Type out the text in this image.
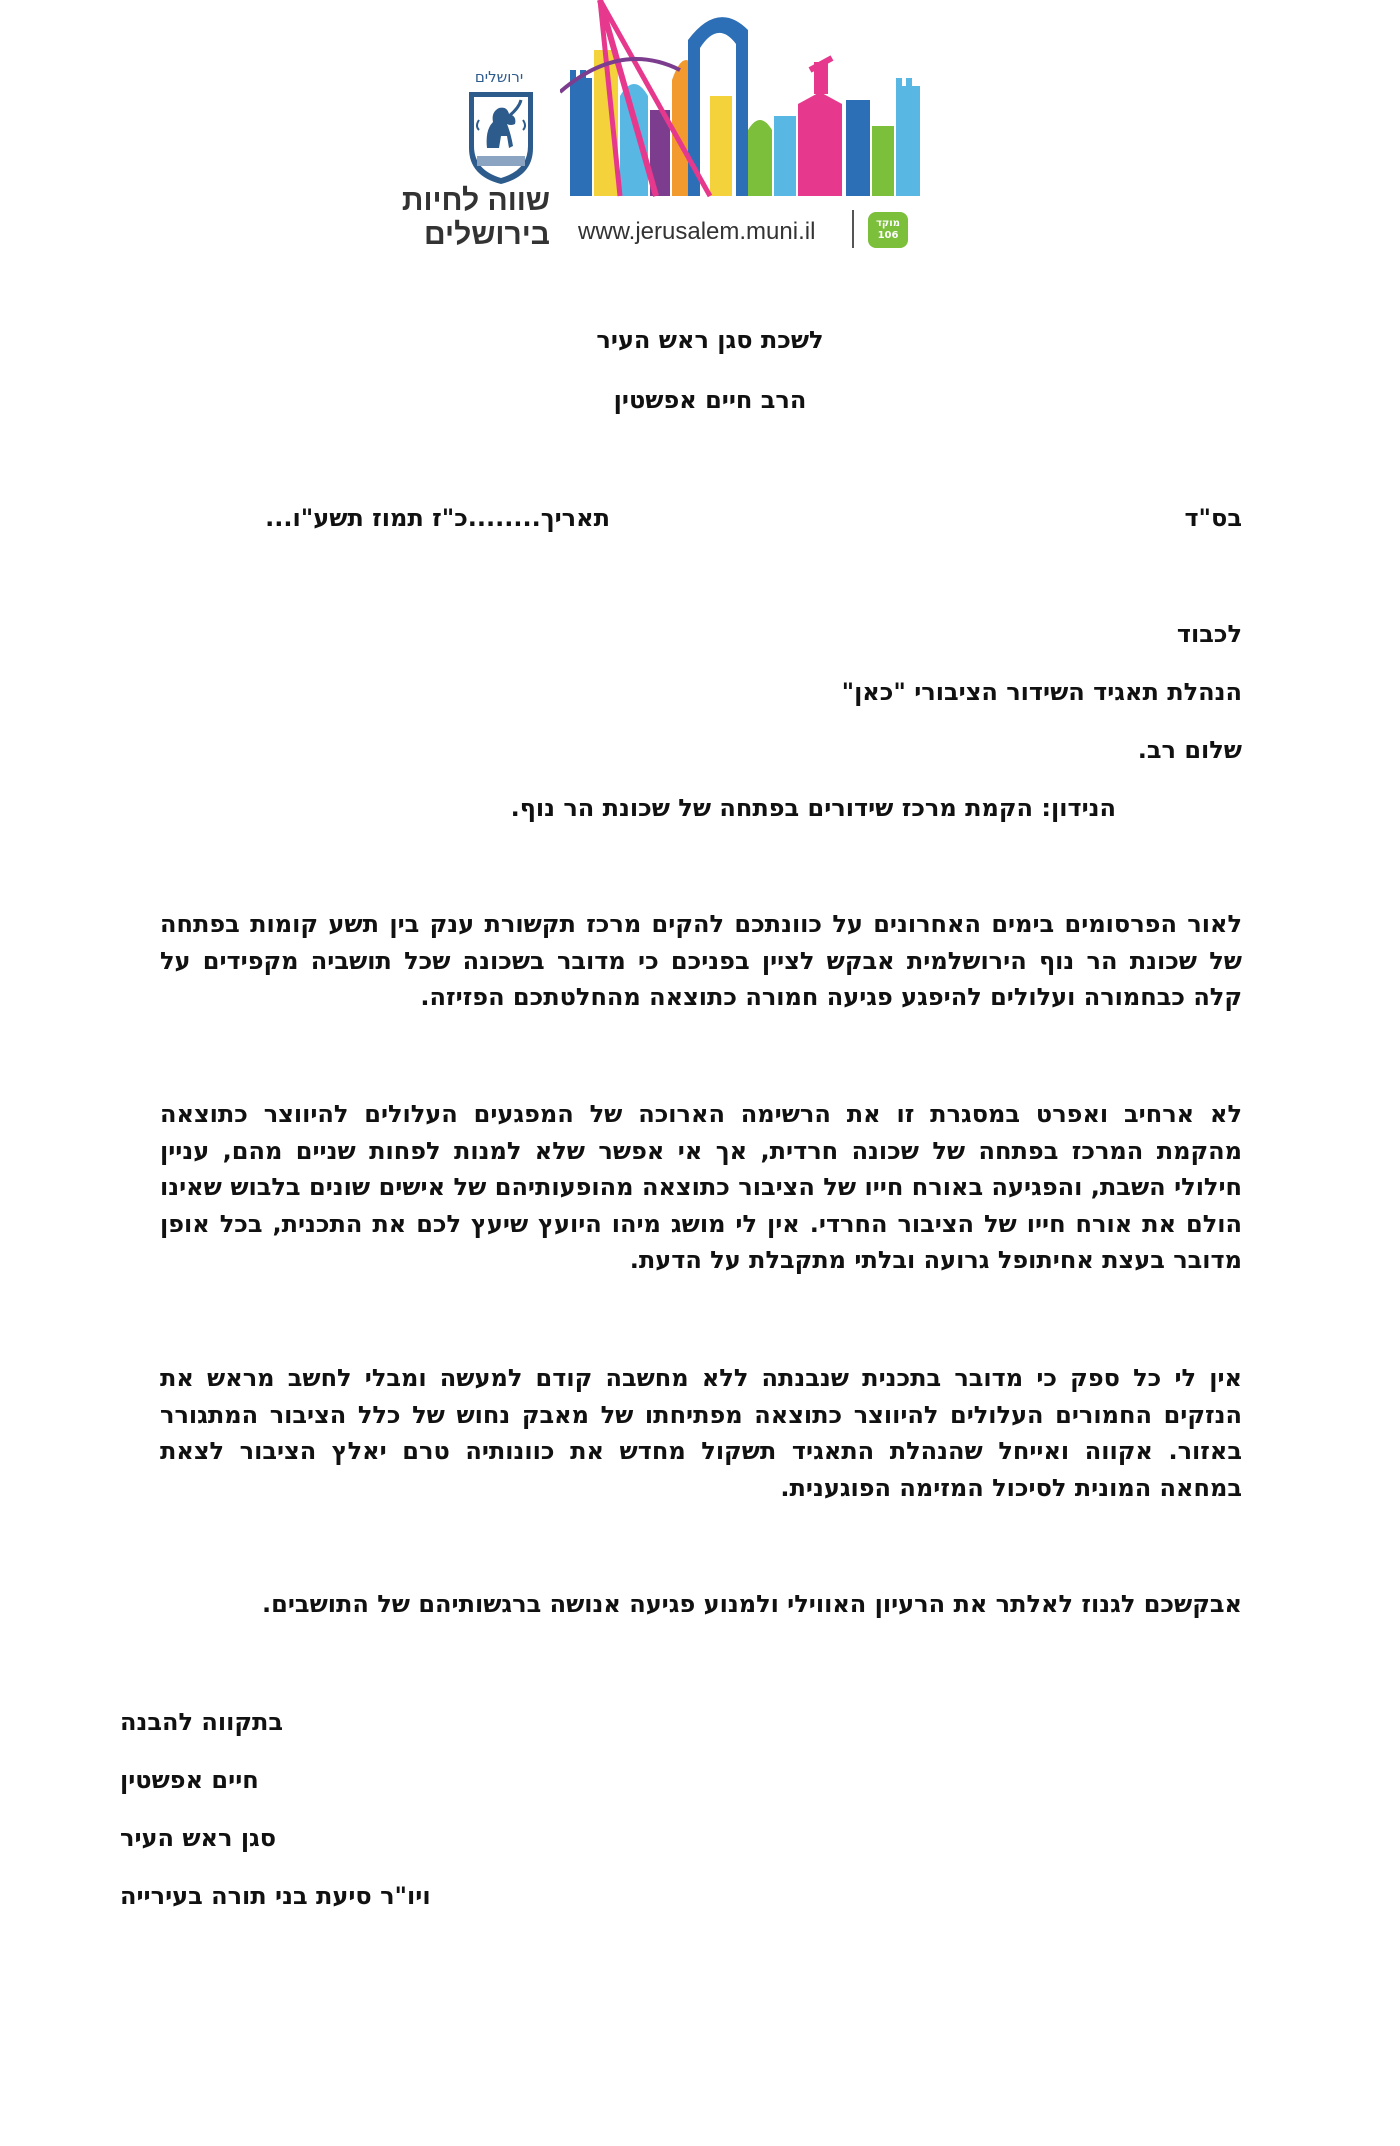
ירושלים
שווה לחיות
בירושלים www.jerusalem.muni.il	מוקד
106
לשכת סגן ראש העיר
הרב חיים אפשטין
בס"ד
תאריך........כ"ז תמוז תשע"ו...
לכבוד
הנהלת תאגיד השידור הציבורי "כאן"
שלום רב.
הנידון: הקמת מרכז שידורים בפתחה של שכונת הר נוף.
לאור הפרסומים בימים האחרונים על כוונתכם להקים מרכז תקשורת ענק בין תשע קומות בפתחה של שכונת הר נוף הירושלמית אבקש לציין בפניכם כי מדובר בשכונה שכל תושביה מקפידים על קלה כבחמורה ועלולים להיפגע פגיעה חמורה כתוצאה מהחלטתכם הפזיזה.
לא ארחיב ואפרט במסגרת זו את הרשימה הארוכה של המפגעים העלולים להיווצר כתוצאה מהקמת המרכז בפתחה של שכונה חרדית, אך אי אפשר שלא למנות לפחות שניים מהם, עניין חילולי השבת, והפגיעה באורח חייו של הציבור כתוצאה מהופעותיהם של אישים שונים בלבוש שאינו הולם את אורח חייו של הציבור החרדי. אין לי מושג מיהו היועץ שיעץ לכם את התכנית, בכל אופן מדובר בעצת אחיתופל גרועה ובלתי מתקבלת על הדעת.
אין לי כל ספק כי מדובר בתכנית שנבנתה ללא מחשבה קודם למעשה ומבלי לחשב מראש את הנזקים החמורים העלולים להיווצר כתוצאה מפתיחתו של מאבק נחוש של כלל הציבור המתגורר באזור. אקווה ואייחל שהנהלת התאגיד תשקול מחדש את כוונותיה טרם יאלץ הציבור לצאת במחאה המונית לסיכול המזימה הפוגענית.
אבקשכם לגנוז לאלתר את הרעיון האווילי ולמנוע פגיעה אנושה ברגשותיהם של התושבים.
בתקווה להבנה
חיים אפשטין
סגן ראש העיר
ויו"ר סיעת בני תורה בעירייה
